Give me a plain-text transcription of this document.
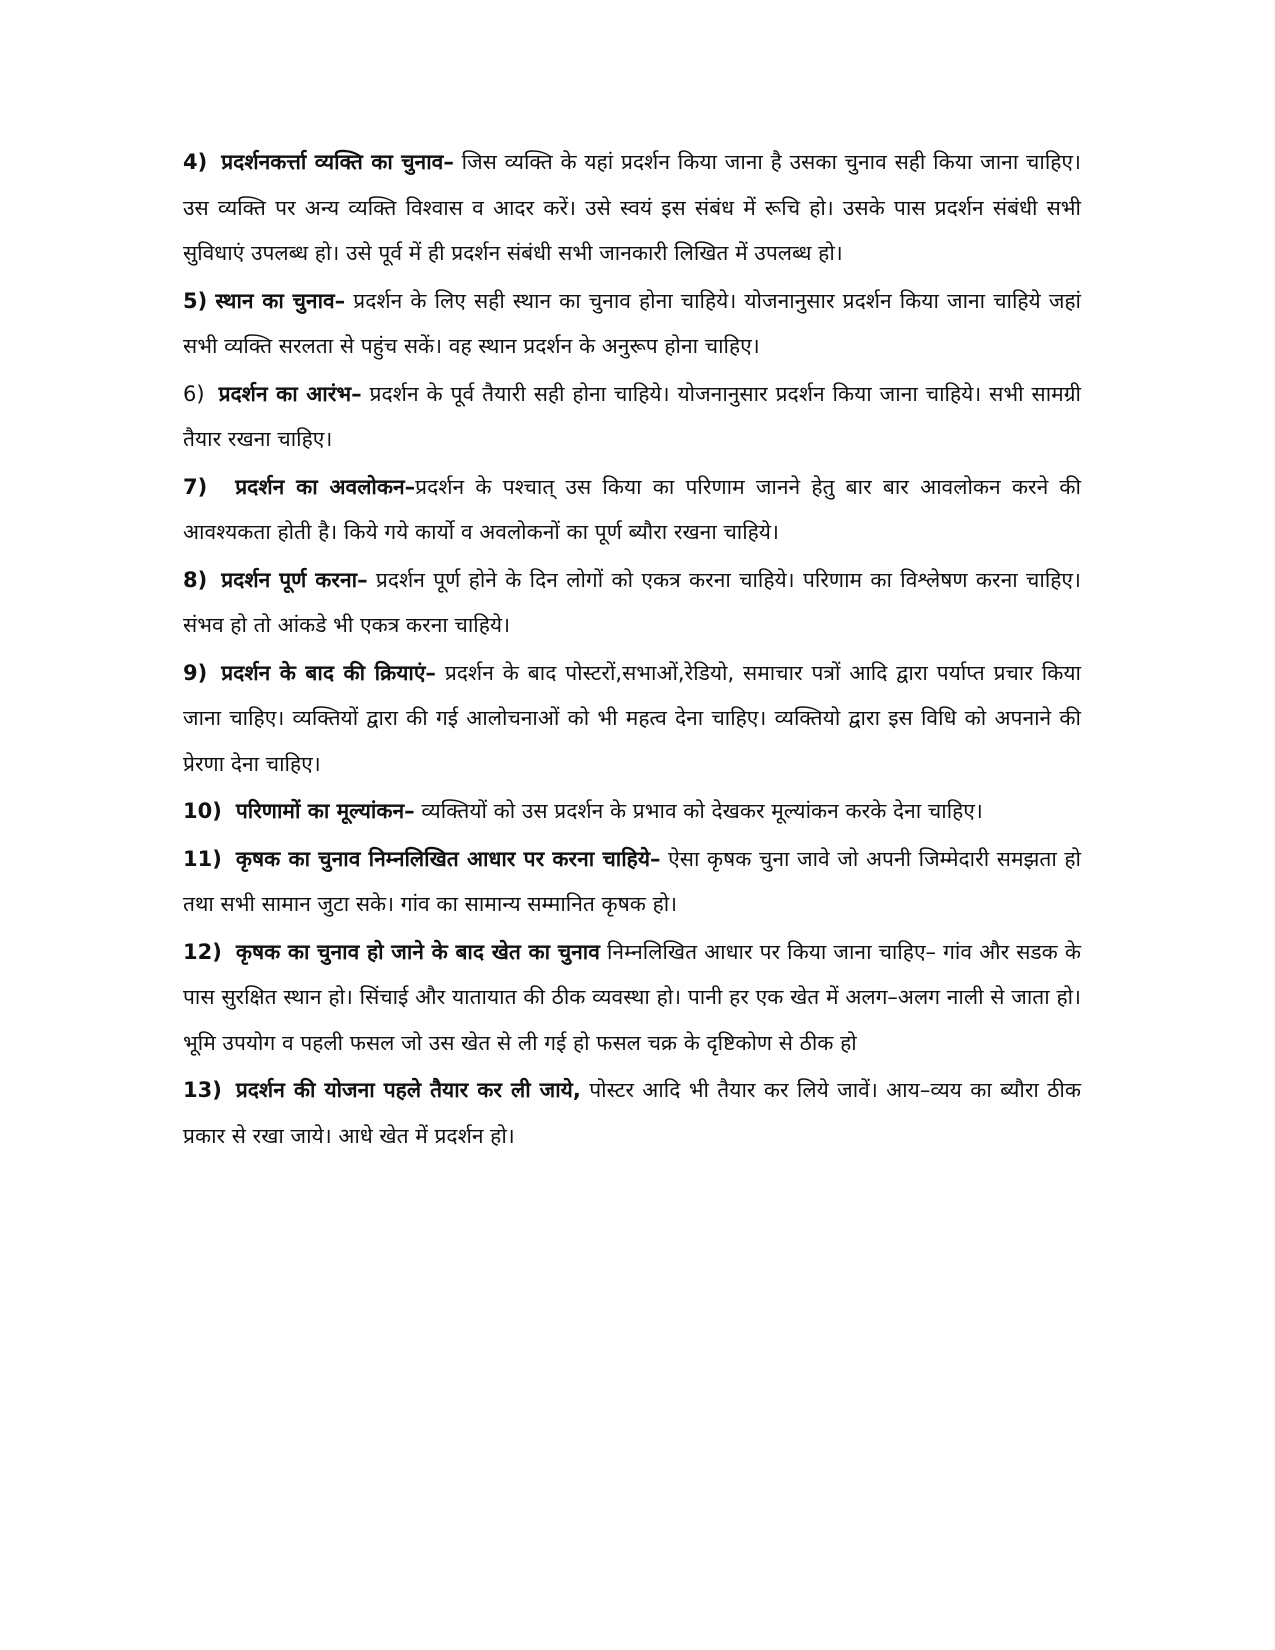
4) प्रदर्शनकर्त्ता व्यक्ति का चुनाव– जिस व्यक्ति के यहां प्रदर्शन किया जाना है उसका चुनाव सही किया जाना चाहिए। उस व्यक्ति पर अन्य व्यक्ति विश्वास व आदर करें। उसे स्वयं इस संबंध में रूचि हो। उसके पास प्रदर्शन संबंधी सभी सुविधाएं उपलब्ध हो। उसे पूर्व में ही प्रदर्शन संबंधी सभी जानकारी लिखित में उपलब्ध हो।

5) स्थान का चुनाव– प्रदर्शन के लिए सही स्थान का चुनाव होना चाहिये। योजनानुसार प्रदर्शन किया जाना चाहिये जहां सभी व्यक्ति सरलता से पहुंच सकें। वह स्थान प्रदर्शन के अनुरूप होना चाहिए।

6) प्रदर्शन का आरंभ– प्रदर्शन के पूर्व तैयारी सही होना चाहिये। योजनानुसार प्रदर्शन किया जाना चाहिये। सभी सामग्री तैयार रखना चाहिए।

7) प्रदर्शन का अवलोकन–प्रदर्शन के पश्चात् उस किया का परिणाम जानने हेतु बार बार आवलोकन करने की आवश्यकता होती है। किये गये कार्यो व अवलोकनों का पूर्ण ब्यौरा रखना चाहिये।

8) प्रदर्शन पूर्ण करना– प्रदर्शन पूर्ण होने के दिन लोगों को एकत्र करना चाहिये। परिणाम का विश्लेषण करना चाहिए। संभव हो तो आंकडे भी एकत्र करना चाहिये।

9) प्रदर्शन के बाद की क्रियाएं– प्रदर्शन के बाद पोस्टरों,सभाओं,रेडियो, समाचार पत्रों आदि द्वारा पर्याप्त प्रचार किया जाना चाहिए। व्यक्तियों द्वारा की गई आलोचनाओं को भी महत्व देना चाहिए। व्यक्तियो द्वारा इस विधि को अपनाने की प्रेरणा देना चाहिए।

10) परिणामों का मूल्यांकन– व्यक्तियों को उस प्रदर्शन के प्रभाव को देखकर मूल्यांकन करके देना चाहिए।

11) कृषक का चुनाव निम्नलिखित आधार पर करना चाहिये– ऐसा कृषक चुना जावे जो अपनी जिम्मेदारी समझता हो तथा सभी सामान जुटा सके। गांव का सामान्य सम्मानित कृषक हो।

12) कृषक का चुनाव हो जाने के बाद खेत का चुनाव निम्नलिखित आधार पर किया जाना चाहिए– गांव और सडक के पास सुरक्षित स्थान हो। सिंचाई और यातायात की ठीक व्यवस्था हो। पानी हर एक खेत में अलग–अलग नाली से जाता हो। भूमि उपयोग व पहली फसल जो उस खेत से ली गई हो फसल चक्र के दृष्टिकोण से ठीक हो

13) प्रदर्शन की योजना पहले तैयार कर ली जाये, पोस्टर आदि भी तैयार कर लिये जावें। आय–व्यय का ब्यौरा ठीक प्रकार से रखा जाये। आधे खेत में प्रदर्शन हो।
